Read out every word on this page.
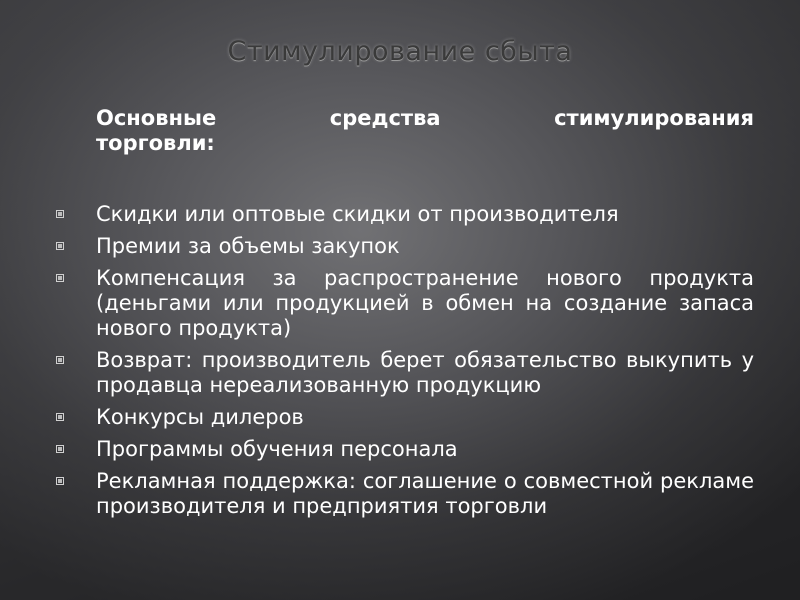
Стимулирование сбыта
Основные	средства	стимулирования
торговли:
Скидки или оптовые скидки от производителя
Премии за объемы закупок
Компенсация за распространение нового продукта (деньгами или продукцией в обмен на создание запаса нового продукта)
Возврат: производитель берет обязательство выкупить у продавца нереализованную продукцию
Конкурсы дилеров
Программы обучения персонала
Рекламная поддержка: соглашение о совместной рекламе производителя и предприятия торговли
